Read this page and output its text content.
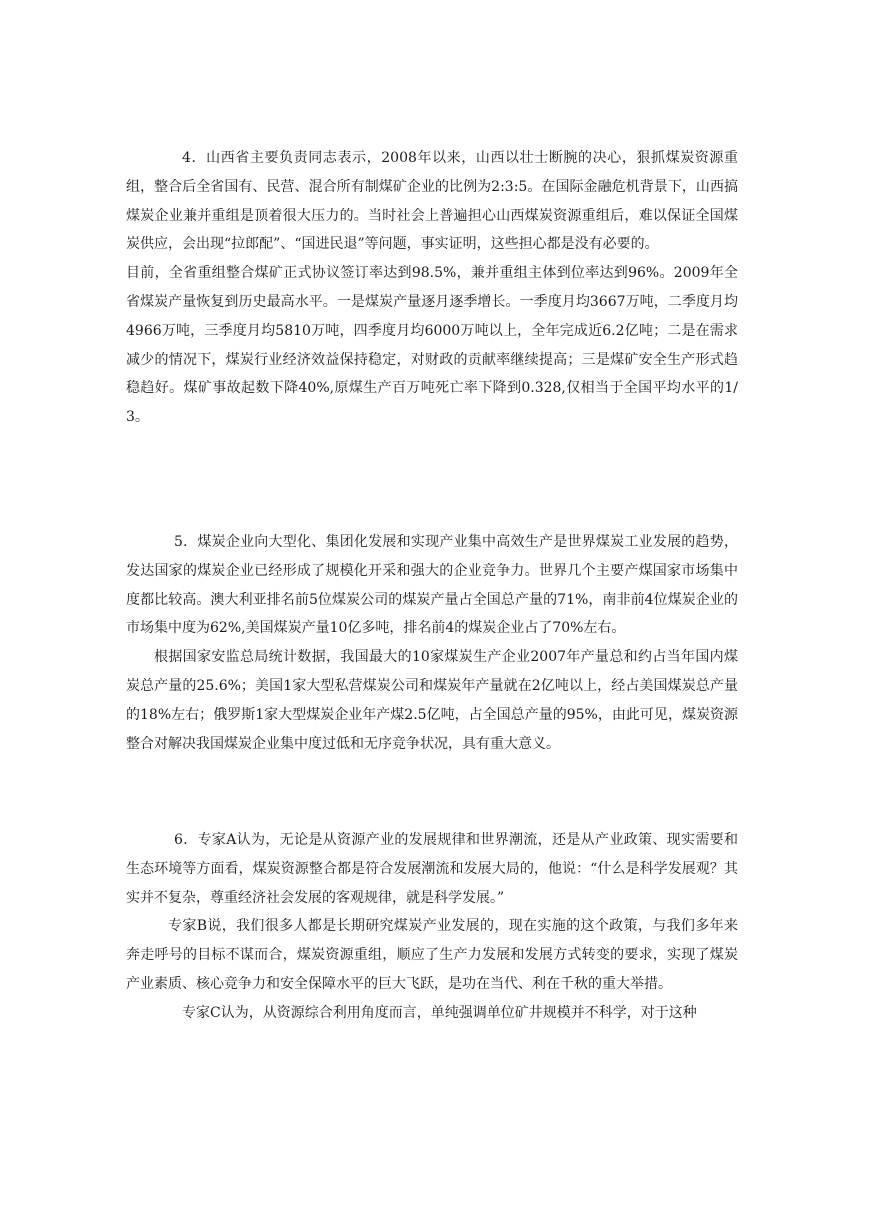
4．山西省主要负责同志表示，2008年以来，山西以壮士断腕的决心，狠抓煤炭资源重组，整合后全省国有、民营、混合所有制煤矿企业的比例为2:3:5。在国际金融危机背景下，山西搞煤炭企业兼并重组是顶着很大压力的。当时社会上普遍担心山西煤炭资源重组后，难以保证全国煤炭供应，会出现“拉郎配”、“国进民退”等问题，事实证明，这些担心都是没有必要的。

目前，全省重组整合煤矿正式协议签订率达到98.5%，兼并重组主体到位率达到96%。2009年全省煤炭产量恢复到历史最高水平。一是煤炭产量逐月逐季增长。一季度月均3667万吨，二季度月均4966万吨，三季度月均5810万吨，四季度月均6000万吨以上，全年完成近6.2亿吨；二是在需求减少的情况下，煤炭行业经济效益保持稳定，对财政的贡献率继续提高；三是煤矿安全生产形式趋稳趋好。煤矿事故起数下降40%,原煤生产百万吨死亡率下降到0.328,仅相当于全国平均水平的1/3。

5．煤炭企业向大型化、集团化发展和实现产业集中高效生产是世界煤炭工业发展的趋势，发达国家的煤炭企业已经形成了规模化开采和强大的企业竞争力。世界几个主要产煤国家市场集中度都比较高。澳大利亚排名前5位煤炭公司的煤炭产量占全国总产量的71%，南非前4位煤炭企业的市场集中度为62%,美国煤炭产量10亿多吨，排名前4的煤炭企业占了70%左右。

根据国家安监总局统计数据，我国最大的10家煤炭生产企业2007年产量总和约占当年国内煤炭总产量的25.6%；美国1家大型私营煤炭公司和煤炭年产量就在2亿吨以上，经占美国煤炭总产量的18%左右；俄罗斯1家大型煤炭企业年产煤2.5亿吨，占全国总产量的95%，由此可见，煤炭资源整合对解决我国煤炭企业集中度过低和无序竞争状况，具有重大意义。

6．专家A认为，无论是从资源产业的发展规律和世界潮流，还是从产业政策、现实需要和生态环境等方面看，煤炭资源整合都是符合发展潮流和发展大局的，他说：“什么是科学发展观？其实并不复杂，尊重经济社会发展的客观规律，就是科学发展。”

专家B说，我们很多人都是长期研究煤炭产业发展的，现在实施的这个政策，与我们多年来奔走呼号的目标不谋而合，煤炭资源重组，顺应了生产力发展和发展方式转变的要求，实现了煤炭产业素质、核心竞争力和安全保障水平的巨大飞跃，是功在当代、利在千秋的重大举措。

专家C认为，从资源综合利用角度而言，单纯强调单位矿井规模并不科学，对于这种
